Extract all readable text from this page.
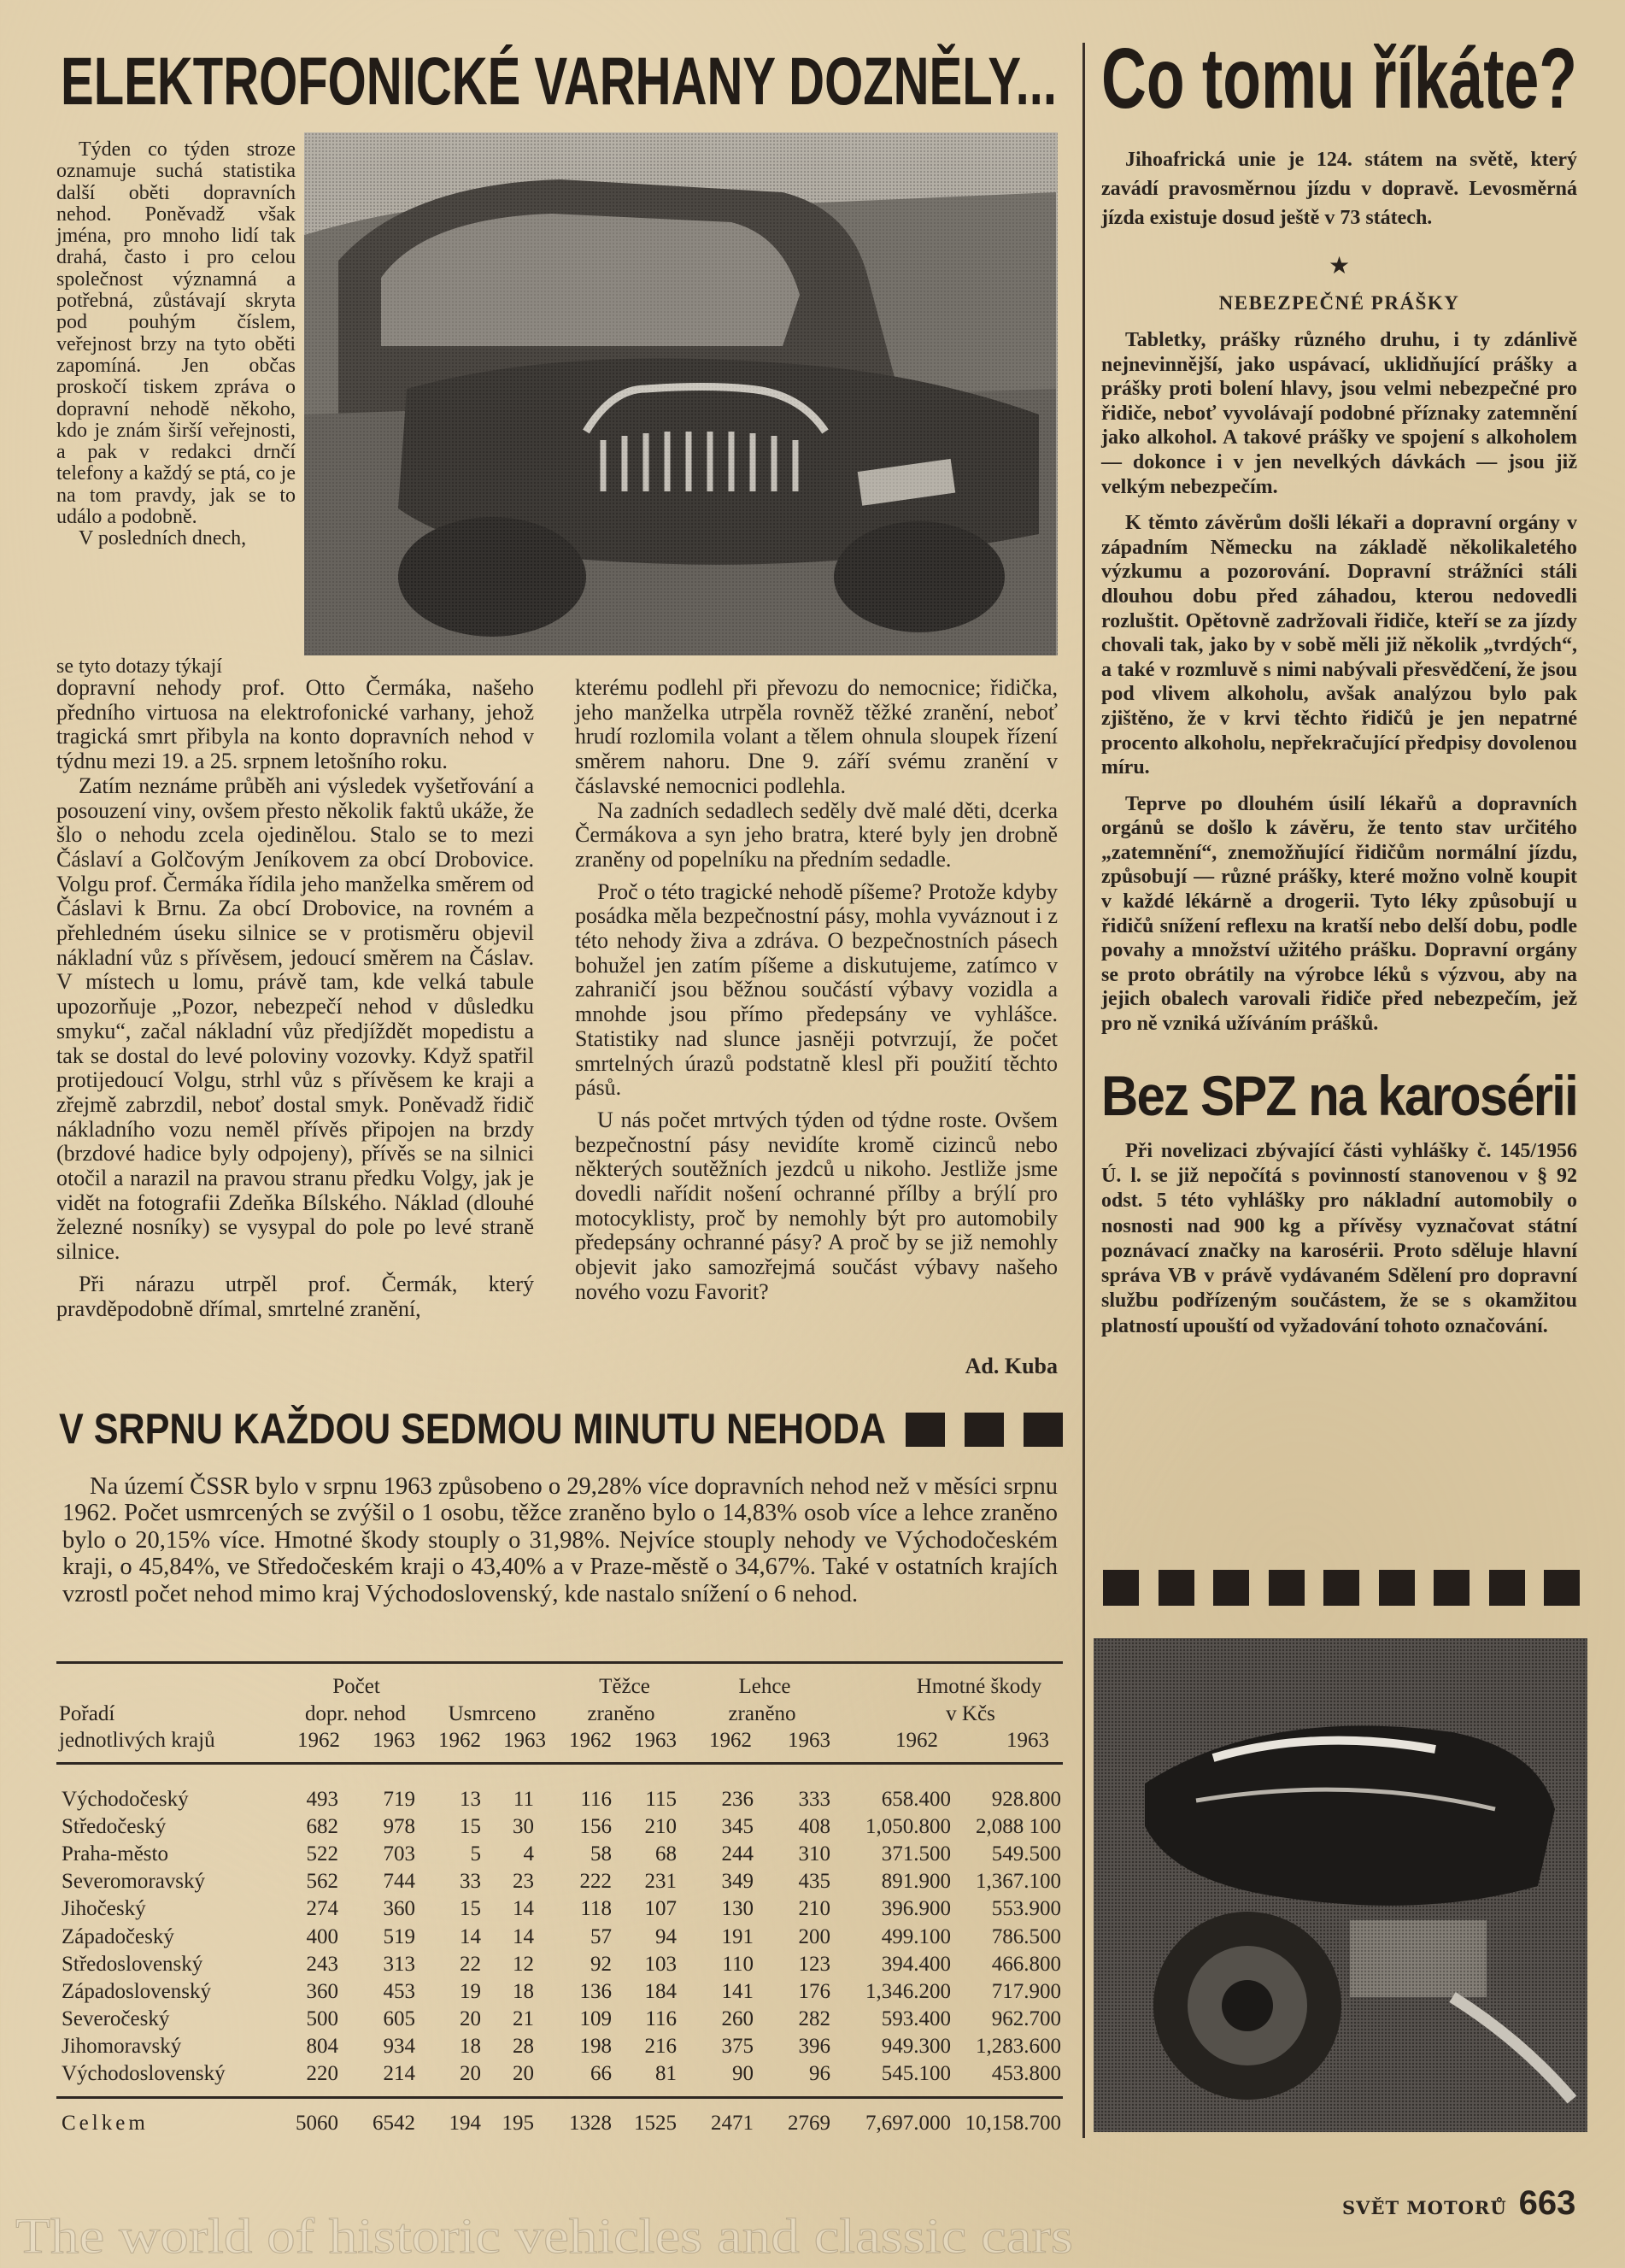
ELEKTROFONICKÉ VARHANY DOZNĚLY...

Týden co týden stroze oznamuje suchá statistika další oběti dopravních nehod. Poněvadž však jména, pro mnoho lidí tak drahá, často i pro celou společnost významná a potřebná, zůstávají skryta pod pouhým číslem, veřejnost brzy na tyto oběti zapomíná. Jen občas proskočí tiskem zpráva o dopravní nehodě někoho, kdo je znám širší veřejnosti, a pak v redakci drnčí telefony a každý se ptá, co je na tom pravdy, jak se to událo a podobně.

V posledních dnech,

se tyto dotazy týkají

dopravní nehody prof. Otto Čermáka, našeho předního virtuosa na elektrofonické varhany, jehož tragická smrt přibyla na konto dopravních nehod v týdnu mezi 19. a 25. srpnem letošního roku.

Zatím neznáme průběh ani výsledek vyšetřování a posouzení viny, ovšem přesto několik faktů ukáže, že šlo o nehodu zcela ojedinělou. Stalo se to mezi Čáslaví a Golčovým Jeníkovem za obcí Drobovice. Volgu prof. Čermáka řídila jeho manželka směrem od Čáslavi k Brnu. Za obcí Drobovice, na rovném a přehledném úseku silnice se v protisměru objevil nákladní vůz s přívěsem, jedoucí směrem na Čáslav. V místech u lomu, právě tam, kde velká tabule upozorňuje „Pozor, nebezpečí nehod v důsledku smyku“, začal nákladní vůz předjíždět mopedistu a tak se dostal do levé poloviny vozovky. Když spatřil protijedoucí Volgu, strhl vůz s přívěsem ke kraji a zřejmě zabrzdil, neboť dostal smyk. Poněvadž řidič nákladního vozu neměl přívěs připojen na brzdy (brzdové hadice byly odpojeny), přívěs se na silnici otočil a narazil na pravou stranu předku Volgy, jak je vidět na fotografii Zdeňka Bílského. Náklad (dlouhé železné nosníky) se vysypal do pole po levé straně silnice.

Při nárazu utrpěl prof. Čermák, který pravděpodobně dřímal, smrtelné zranění,

kterému podlehl při převozu do nemocnice; řidička, jeho manželka utrpěla rovněž těžké zranění, neboť hrudí rozlomila volant a tělem ohnula sloupek řízení směrem nahoru. Dne 9. září svému zranění v čáslavské nemocnici podlehla.

Na zadních sedadlech seděly dvě malé děti, dcerka Čermákova a syn jeho bratra, které byly jen drobně zraněny od popelníku na předním sedadle.

Proč o této tragické nehodě píšeme? Protože kdyby posádka měla bezpečnostní pásy, mohla vyváznout i z této nehody živa a zdráva. O bezpečnostních pásech bohužel jen zatím píšeme a diskutujeme, zatímco v zahraničí jsou běžnou součástí výbavy vozidla a mnohde jsou přímo předepsány ve vyhlášce. Statistiky nad slunce jasněji potvrzují, že počet smrtelných úrazů podstatně klesl při použití těchto pásů.

U nás počet mrtvých týden od týdne roste. Ovšem bezpečnostní pásy nevidíte kromě cizinců nebo některých soutěžních jezdců u nikoho. Jestliže jsme dovedli nařídit nošení ochranné přílby a brýlí pro motocyklisty, proč by nemohly být pro automobily předepsány ochranné pásy? A proč by se již nemohly objevit jako samozřejmá součást výbavy našeho nového vozu Favorit?

Ad. Kuba
Co tomu říkáte?

Jihoafrická unie je 124. státem na světě, který zavádí pravosměrnou jízdu v dopravě. Levosměrná jízda existuje dosud ještě v 73 státech.

★
NEBEZPEČNÉ PRÁŠKY

Tabletky, prášky různého druhu, i ty zdánlivě nejnevinnější, jako uspávací, uklidňující prášky a prášky proti bolení hlavy, jsou velmi nebezpečné pro řidiče, neboť vyvolávají podobné příznaky zatemnění jako alkohol. A takové prášky ve spojení s alkoholem — dokonce i v jen nevelkých dávkách — jsou již velkým nebezpečím.

K těmto závěrům došli lékaři a dopravní orgány v západním Německu na základě několikaletého výzkumu a pozorování. Dopravní strážníci stáli dlouhou dobu před záhadou, kterou nedovedli rozluštit. Opětovně zadržovali řidiče, kteří se za jízdy chovali tak, jako by v sobě měli již několik „tvrdých“, a také v rozmluvě s nimi nabývali přesvědčení, že jsou pod vlivem alkoholu, avšak analýzou bylo pak zjištěno, že v krvi těchto řidičů je jen nepatrné procento alkoholu, nepřekračující předpisy dovolenou míru.

Teprve po dlouhém úsilí lékařů a dopravních orgánů se došlo k závěru, že tento stav určitého „zatemnění“, znemožňující řidičům normální jízdu, způsobují — různé prášky, které možno volně koupit v každé lékárně a drogerii. Tyto léky způsobují u řidičů snížení reflexu na kratší nebo delší dobu, podle povahy a množství užitého prášku. Dopravní orgány se proto obrátily na výrobce léků s výzvou, aby na jejich obalech varovali řidiče před nebezpečím, jež pro ně vzniká užíváním prášků.

Bez SPZ na karosérii

Při novelizaci zbývající části vyhlášky č. 145/1956 Ú. l. se již nepočítá s povinností stanovenou v § 92 odst. 5 této vyhlášky pro nákladní automobily o nosnosti nad 900 kg a přívěsy vyznačovat státní poznávací značky na karosérii. Proto sděluje hlavní správa VB v právě vydávaném Sdělení pro dopravní službu podřízeným součástem, že se s okamžitou platností upouští od vyžadování tohoto označování.

V SRPNU KAŽDOU SEDMOU MINUTU NEHODA

Na území ČSSR bylo v srpnu 1963 způsobeno o 29,28% více dopravních nehod než v měsíci srpnu 1962. Počet usmrcených se zvýšil o 1 osobu, těžce zraněno bylo o 14,83% osob více a lehce zraněno bylo o 20,15% více. Hmotné škody stouply o 31,98%. Nejvíce stouply nehody ve Východočeském kraji, o 45,84%, ve Středočeském kraji o 43,40% a v Praze-městě o 34,67%. Také v ostatních krajích vzrostl počet nehod mimo kraj Východoslovenský, kde nastalo snížení o 6 nehod.

Počet	Těžce	Lehce	Hmotné škody
Pořadí	dopr. nehod Usmrceno zraněno	zraněno	v Kčs
jednotlivých krajů	1962 1963 1962 1963 1962 1963 1962 1963	1962	1963
Východočeský	493 719 13 11 116 115 236 333 658.400 928.800
Středočeský	682 978 15 30 156 210 345 408 1,050.800 2,088 100
Praha-město	522 703	5 4	58 68 244 310 371.500 549.500
Severomoravský	562 744 33 23 222 231 349 435 891.900 1,367.100
Jihočeský	274 360 15 14 118 107 130 210 396.900 553.900
Západočeský	400 519 14 14	57 94 191 200 499.100 786.500
Středoslovenský	243 313 22 12	92 103 110 123 394.400 466.800
Západoslovenský	360 453 19 18 136 184 141 176 1,346.200 717.900
Severočeský	500 605 20 21 109 116 260 282 593.400 962.700
Jihomoravský	804 934 18 28 198 216 375 396 949.300 1,283.600
Východoslovenský	220 214 20 20	66 81	90	96 545.100 453.800
Celkem	5060 6542 194 195 1328 1525 2471 2769 7,697.000 10,158.700
SVĚT MOTORŮ 663
The world of historic vehicles and classic cars
